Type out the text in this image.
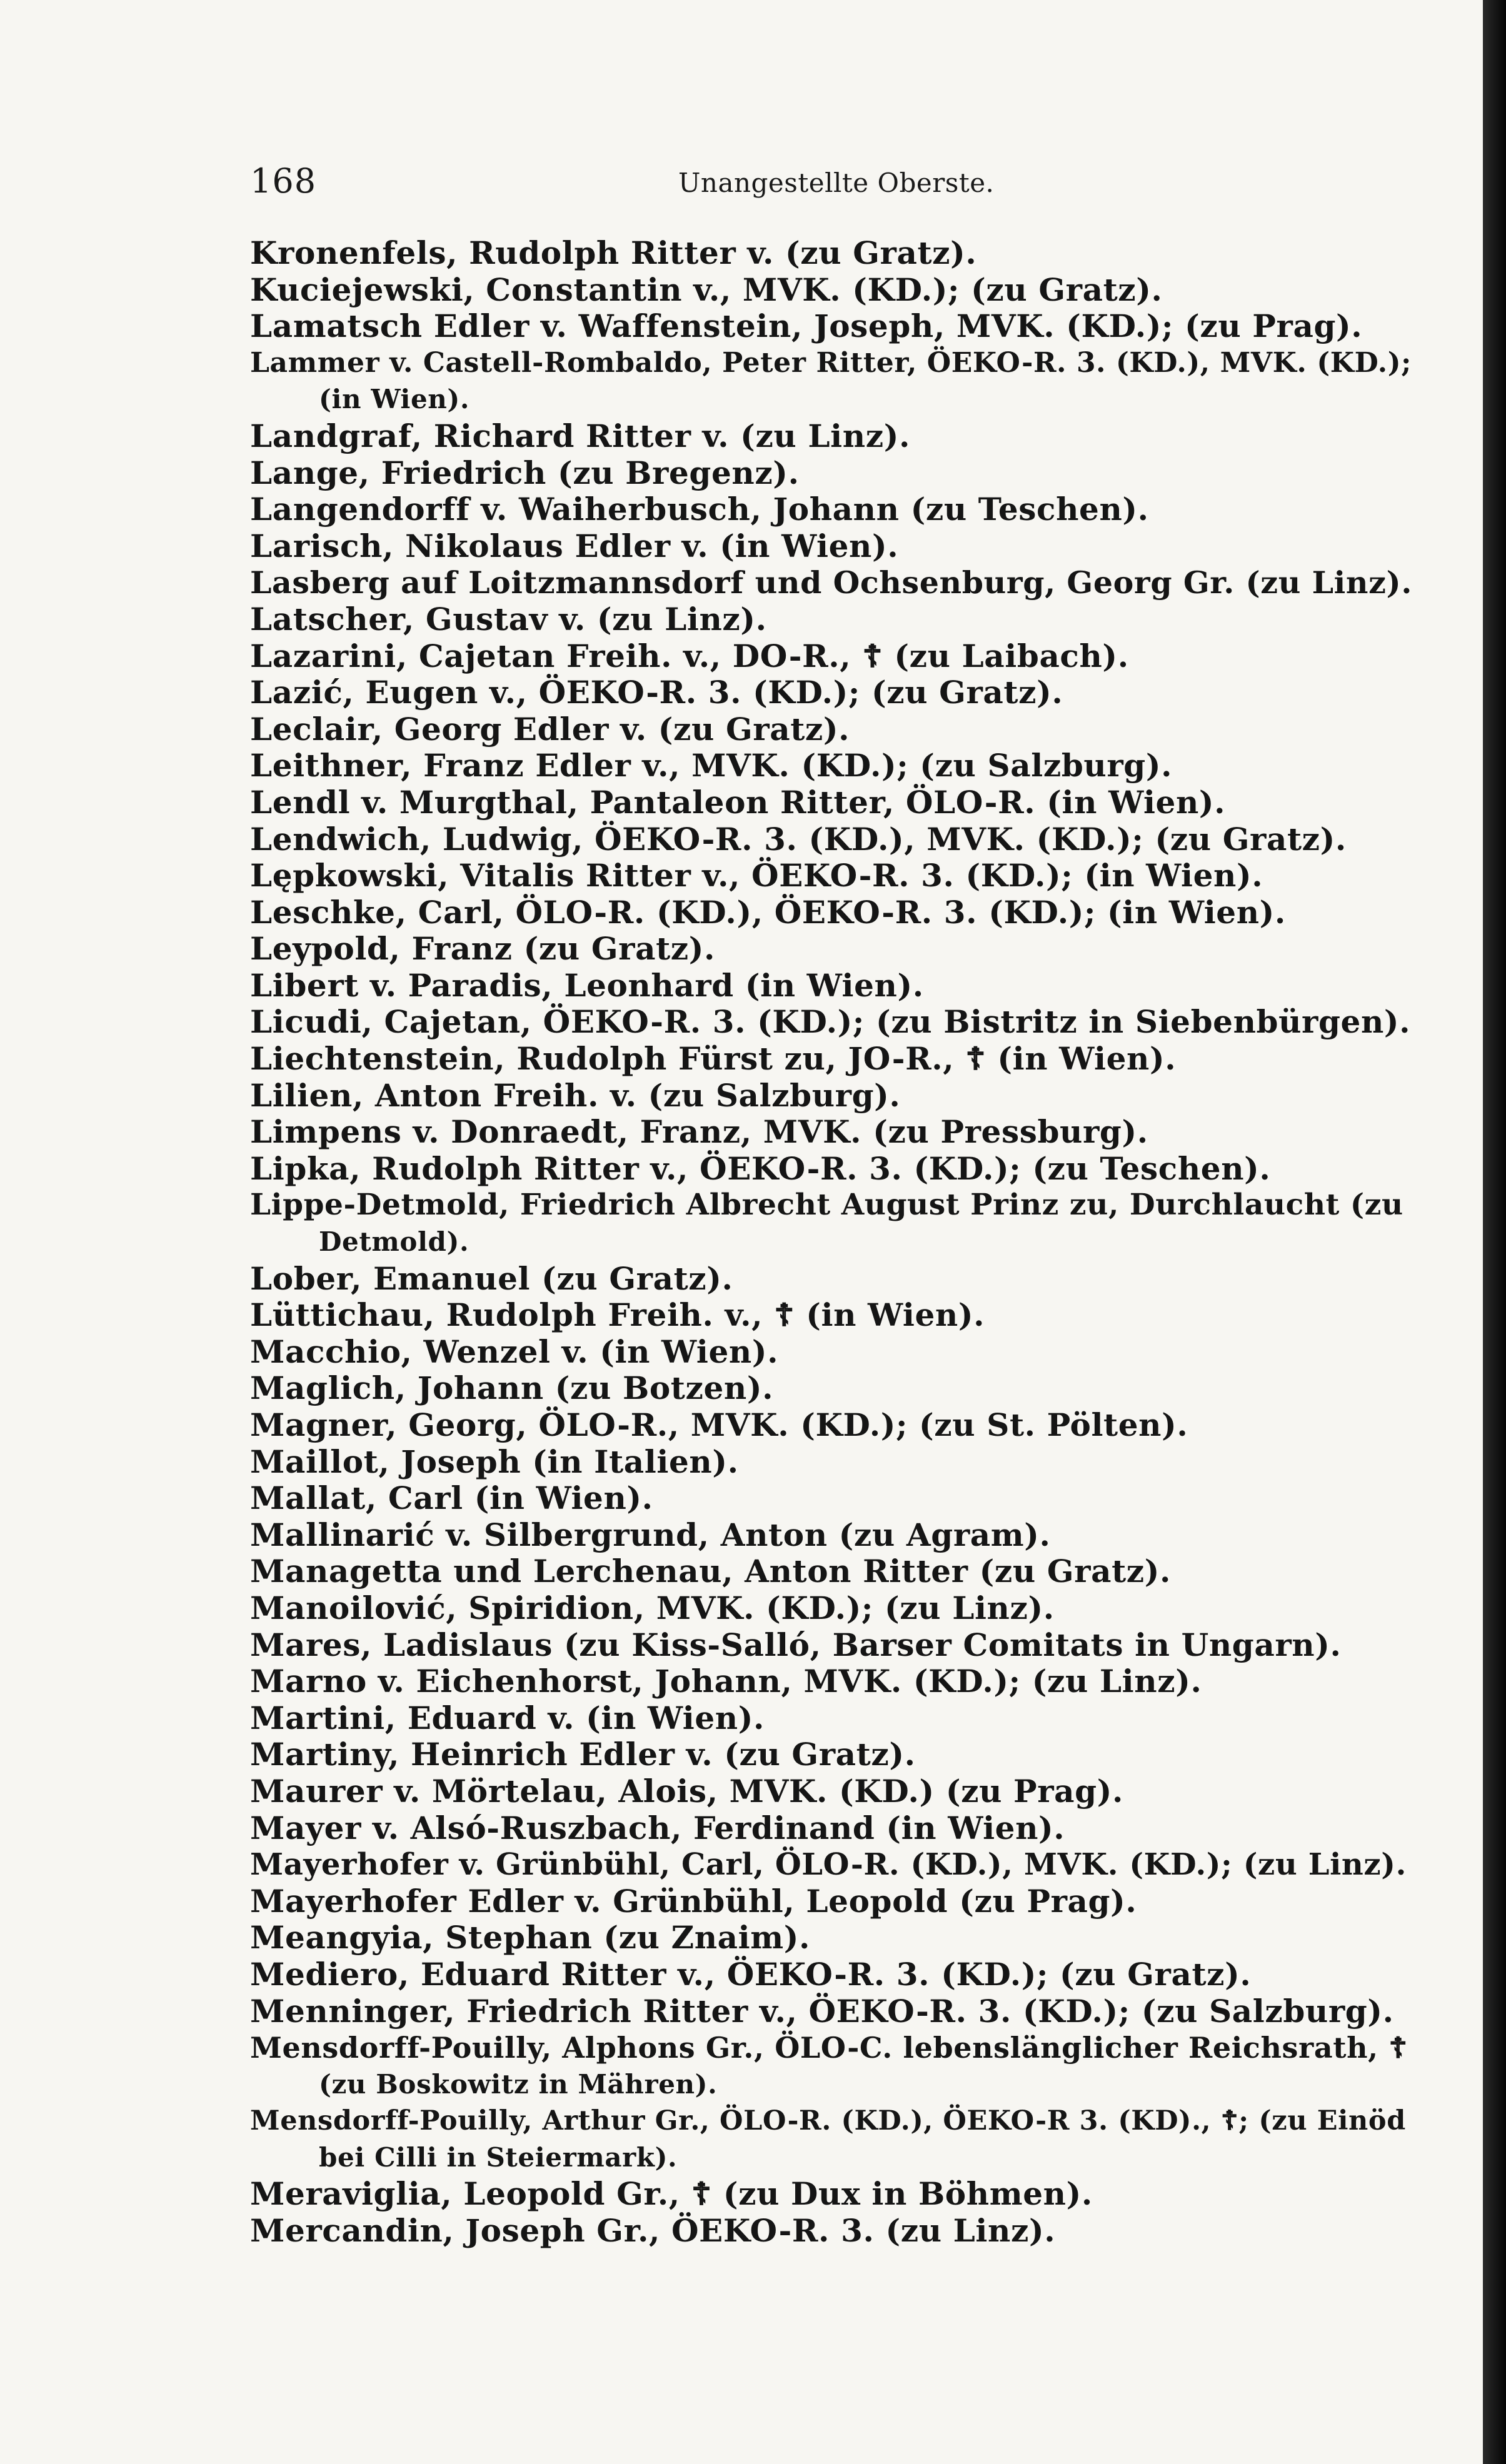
168	Unangestellte Oberste.
Kronenfels, Rudolph Ritter v. (zu Gratz).
Kuciejewski, Constantin v., MVK. (KD.); (zu Gratz).
Lamatsch Edler v. Waffenstein, Joseph, MVK. (KD.); (zu Prag).
Lammer v. Castell-Rombaldo, Peter Ritter, ÖEKO-R. 3. (KD.), MVK. (KD.);
(in Wien).
Landgraf, Richard Ritter v. (zu Linz).
Lange, Friedrich (zu Bregenz).
Langendorff v. Waiherbusch, Johann (zu Teschen).
Larisch, Nikolaus Edler v. (in Wien).
Lasberg auf Loitzmannsdorf und Ochsenburg, Georg Gr. (zu Linz).
Latscher, Gustav v. (zu Linz).
Lazarini, Cajetan Freih. v., DO-R., ☦ (zu Laibach).
Lazić, Eugen v., ÖEKO-R. 3. (KD.); (zu Gratz).
Leclair, Georg Edler v. (zu Gratz).
Leithner, Franz Edler v., MVK. (KD.); (zu Salzburg).
Lendl v. Murgthal, Pantaleon Ritter, ÖLO-R. (in Wien).
Lendwich, Ludwig, ÖEKO-R. 3. (KD.), MVK. (KD.); (zu Gratz).
Lępkowski, Vitalis Ritter v., ÖEKO-R. 3. (KD.); (in Wien).
Leschke, Carl, ÖLO-R. (KD.), ÖEKO-R. 3. (KD.); (in Wien).
Leypold, Franz (zu Gratz).
Libert v. Paradis, Leonhard (in Wien).
Licudi, Cajetan, ÖEKO-R. 3. (KD.); (zu Bistritz in Siebenbürgen).
Liechtenstein, Rudolph Fürst zu, JO-R., ☦ (in Wien).
Lilien, Anton Freih. v. (zu Salzburg).
Limpens v. Donraedt, Franz, MVK. (zu Pressburg).
Lipka, Rudolph Ritter v., ÖEKO-R. 3. (KD.); (zu Teschen).
Lippe-Detmold, Friedrich Albrecht August Prinz zu, Durchlaucht (zu
Detmold).
Lober, Emanuel (zu Gratz).
Lüttichau, Rudolph Freih. v., ☦ (in Wien).
Macchio, Wenzel v. (in Wien).
Maglich, Johann (zu Botzen).
Magner, Georg, ÖLO-R., MVK. (KD.); (zu St. Pölten).
Maillot, Joseph (in Italien).
Mallat, Carl (in Wien).
Mallinarić v. Silbergrund, Anton (zu Agram).
Managetta und Lerchenau, Anton Ritter (zu Gratz).
Manoilović, Spiridion, MVK. (KD.); (zu Linz).
Mares, Ladislaus (zu Kiss-Salló, Barser Comitats in Ungarn).
Marno v. Eichenhorst, Johann, MVK. (KD.); (zu Linz).
Martini, Eduard v. (in Wien).
Martiny, Heinrich Edler v. (zu Gratz).
Maurer v. Mörtelau, Alois, MVK. (KD.) (zu Prag).
Mayer v. Alsó-Ruszbach, Ferdinand (in Wien).
Mayerhofer v. Grünbühl, Carl, ÖLO-R. (KD.), MVK. (KD.); (zu Linz).
Mayerhofer Edler v. Grünbühl, Leopold (zu Prag).
Meangyia, Stephan (zu Znaim).
Mediero, Eduard Ritter v., ÖEKO-R. 3. (KD.); (zu Gratz).
Menninger, Friedrich Ritter v., ÖEKO-R. 3. (KD.); (zu Salzburg).
Mensdorff-Pouilly, Alphons Gr., ÖLO-C. lebenslänglicher Reichsrath, ☦
(zu Boskowitz in Mähren).
Mensdorff-Pouilly, Arthur Gr., ÖLO-R. (KD.), ÖEKO-R 3. (KD)., ☦; (zu Einöd
bei Cilli in Steiermark).
Meraviglia, Leopold Gr., ☦ (zu Dux in Böhmen).
Mercandin, Joseph Gr., ÖEKO-R. 3. (zu Linz).
